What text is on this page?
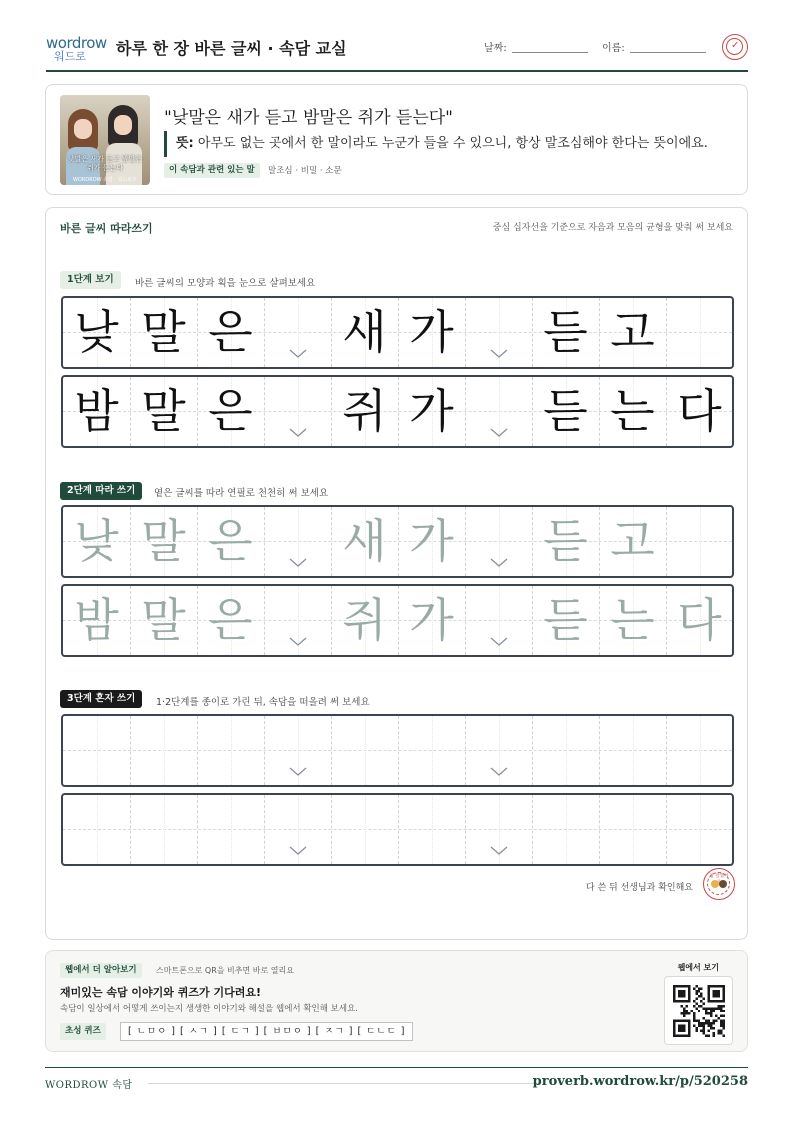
wordrow
워드로 하루 한 장 바른 글씨 · 속담 교실	날짜:	이름:	✓
낮말은 새가 듣고 밤말은 쥐가 듣는다
WORDROW 속담 · 워드로우
"낮말은 새가 듣고 밤말은 쥐가 듣는다"
뜻: 아무도 없는 곳에서 한 말이라도 누군가 들을 수 있으니, 항상 말조심해야 한다는 뜻이에요.
이 속담과 관련 있는 말	말조심 · 비밀 · 소문
바른 글씨 따라쓰기	중심 십자선을 기준으로 자음과 모음의 균형을 맞춰 써 보세요
1단계 보기	바른 글씨의 모양과 획을 눈으로 살펴보세요
낮 말 은 새 가 듣 고
밤 말 은 쥐 가 듣 는 다
2단계 따라 쓰기	옅은 글씨를 따라 연필로 천천히 써 보세요
낮 말 은 새 가 듣 고
밤 말 은 쥐 가 듣 는 다
3단계 혼자 쓰기	1·2단계를 종이로 가린 뒤, 속담을 떠올려 써 보세요
다 쓴 뒤 선생님과 확인해요
참 잘했어
웹에서 더 알아보기	스마트폰으로 QR을 비추면 바로 열리요
재미있는 속담 이야기와 퀴즈가 기다려요!
속담이 일상에서 어떻게 쓰이는지 생생한 이야기와 해설을 웹에서 확인해 보세요.
초성 퀴즈	[ ㄴㅁㅇ ] [ ㅅㄱ ] [ ㄷㄱ ] [ ㅂㅁㅇ ] [ ㅈㄱ ] [ ㄷㄴㄷ ]
웹에서 보기
WORDROW 속담	proverb.wordrow.kr/p/520258
